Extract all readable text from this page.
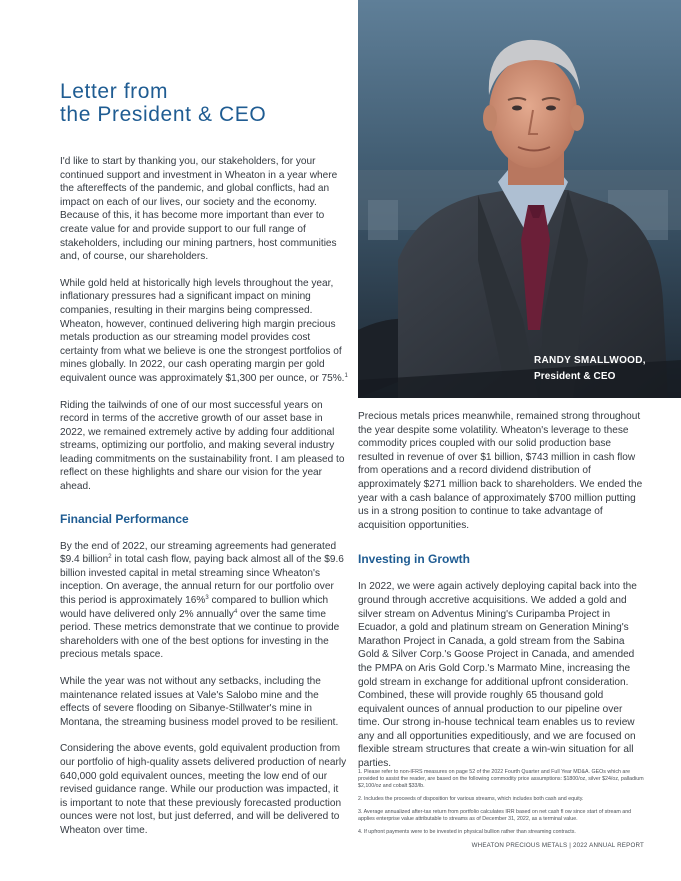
Letter from
the President & CEO
RANDY SMALLWOOD,
President & CEO

I'd like to start by thanking you, our stakeholders, for your continued support and investment in Wheaton in a year where the aftereffects of the pandemic, and global conflicts, had an impact on each of our lives, our society and the economy. Because of this, it has become more important than ever to create value for and provide support to our full range of stakeholders, including our mining partners, host communities and, of course, our shareholders.

While gold held at historically high levels throughout the year, inflationary pressures had a significant impact on mining companies, resulting in their margins being compressed. Wheaton, however, continued delivering high margin precious metals production as our streaming model provides cost certainty from what we believe is one the strongest portfolios of mines globally. In 2022, our cash operating margin per gold equivalent ounce was approximately $1,300 per ounce, or 75%.$^1$

Riding the tailwinds of one of our most successful years on record in terms of the accretive growth of our asset base in 2022, we remained extremely active by adding four additional streams, optimizing our portfolio, and making several industry leading commitments on the sustainability front. I am pleased to reflect on these highlights and share our vision for the year ahead.

Financial Performance

By the end of 2022, our streaming agreements had generated $9.4 billion$^2$ in total cash flow, paying back almost all of the $9.6 billion invested capital in metal streaming since Wheaton's inception. On average, the annual return for our portfolio over this period is approximately 16%$^3$ compared to bullion which would have delivered only 2% annually$^4$ over the same time period. These metrics demonstrate that we continue to provide shareholders with one of the best options for investing in the precious metals space.

While the year was not without any setbacks, including the maintenance related issues at Vale's Salobo mine and the effects of severe flooding on Sibanye-Stillwater's mine in Montana, the streaming business model proved to be resilient.

Considering the above events, gold equivalent production from our portfolio of high-quality assets delivered production of nearly 640,000 gold equivalent ounces, meeting the low end of our revised guidance range. While our production was impacted, it is important to note that these previously forecasted production ounces were not lost, but just deferred, and will be delivered to Wheaton over time.

Precious metals prices meanwhile, remained strong throughout the year despite some volatility. Wheaton's leverage to these commodity prices coupled with our solid production base resulted in revenue of over $1 billion, $743 million in cash flow from operations and a record dividend distribution of approximately $271 million back to shareholders. We ended the year with a cash balance of approximately $700 million putting us in a strong position to continue to take advantage of acquisition opportunities.

Investing in Growth

In 2022, we were again actively deploying capital back into the ground through accretive acquisitions. We added a gold and silver stream on Adventus Mining's Curipamba Project in Ecuador, a gold and platinum stream on Generation Mining's Marathon Project in Canada, a gold stream from the Sabina Gold & Silver Corp.'s Goose Project in Canada, and amended the PMPA on Aris Gold Corp.'s Marmato Mine, increasing the gold stream in exchange for additional upfront consideration. Combined, these will provide roughly 65 thousand gold equivalent ounces of annual production to our pipeline over time. Our strong in-house technical team enables us to review any and all opportunities expeditiously, and we are focused on flexible stream structures that create a win-win situation for all parties.

1. Please refer to non-IFRS measures on page 52 of the 2022 Fourth Quarter and Full Year MD&A. GEOs which are provided to assist the reader, are based on the following commodity price assumptions: $1800/oz, silver $24/oz, palladium $2,100/oz and cobalt $33/lb.

2. Includes the proceeds of disposition for various streams, which includes both cash and equity.

3. Average annualized after-tax return from portfolio calculates IRR based on net cash fl ow since start of stream and applies enterprise value attributable to streams as of December 31, 2022, as a terminal value.

4. If upfront payments were to be invested in physical bullion rather than streaming contracts.

WHEATON PRECIOUS METALS | 2022 ANNUAL REPORT
